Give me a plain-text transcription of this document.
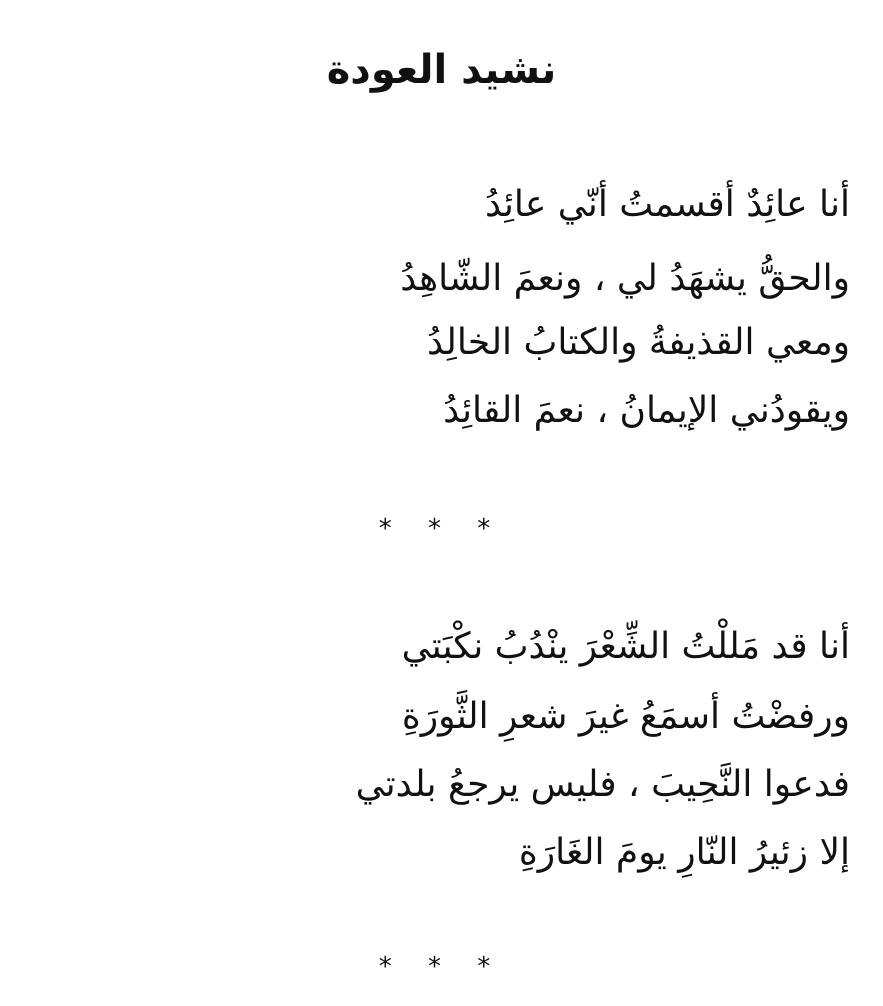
نشيد العودة
أنا عائِدٌ أقسمتُ أنّي عائِدُ
والحقُّ يشهَدُ لي ، ونعمَ الشّاهِدُ
ومعي القذيفةُ والكتابُ الخالِدُ
ويقودُني الإيمانُ ، نعمَ القائِدُ
* * *
أنا قد مَللْتُ الشِّعْرَ ينْدُبُ نكْبَتي
ورفضْتُ أسمَعُ غيرَ شعرِ الثَّورَةِ
فدعوا النَّحِيبَ ، فليس يرجعُ بلدتي
إلا زئيرُ النّارِ يومَ الغَارَةِ
* * *
